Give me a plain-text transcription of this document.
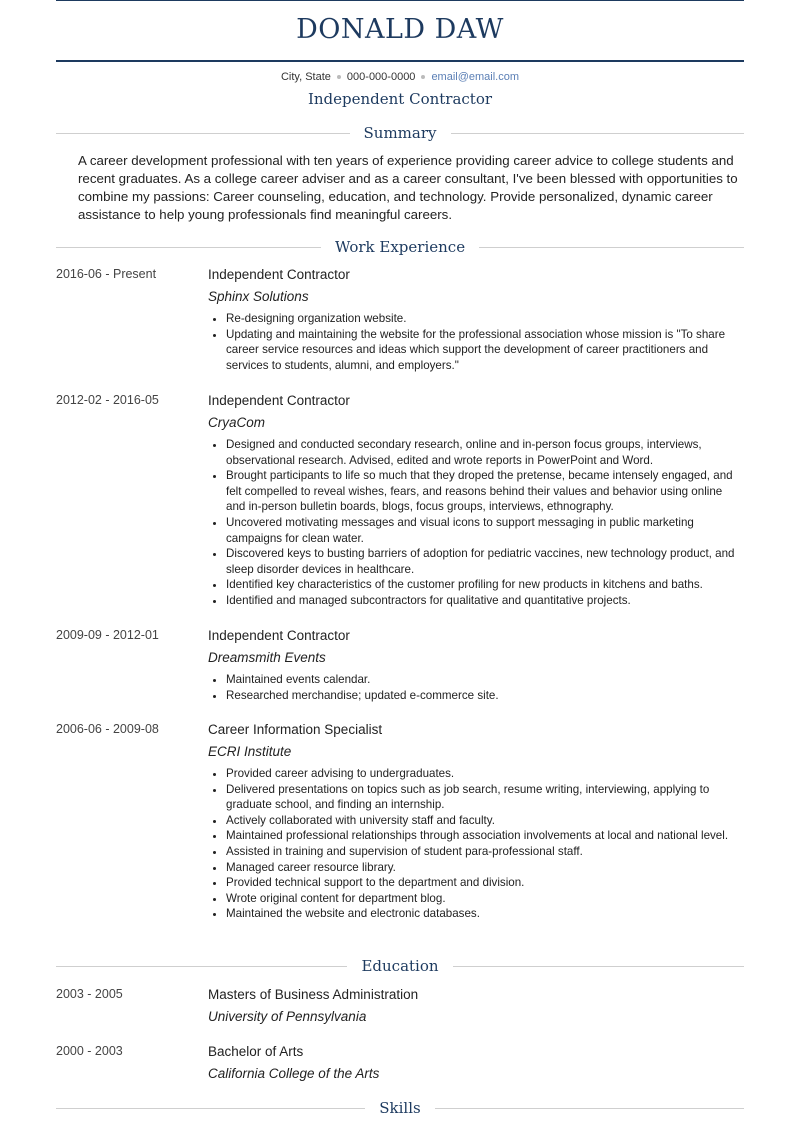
DONALD DAW
City, State 000-000-0000 email@email.com
Independent Contractor
Summary
A career development professional with ten years of experience providing career advice to college students and recent graduates. As a college career adviser and as a career consultant, I've been blessed with opportunities to combine my passions: Career counseling, education, and technology. Provide personalized, dynamic career assistance to help young professionals find meaningful careers.
Work Experience
2016-06 - Present	Independent Contractor
Sphinx Solutions
• Re-designing organization website.
• Updating and maintaining the website for the professional association whose mission is "To share career service resources and ideas which support the development of career practitioners and services to students, alumni, and employers."
2012-02 - 2016-05	Independent Contractor
CryaCom
• Designed and conducted secondary research, online and in-person focus groups, interviews, observational research. Advised, edited and wrote reports in PowerPoint and Word.
• Brought participants to life so much that they droped the pretense, became intensely engaged, and felt compelled to reveal wishes, fears, and reasons behind their values and behavior using online and in-person bulletin boards, blogs, focus groups, interviews, ethnography.
• Uncovered motivating messages and visual icons to support messaging in public marketing campaigns for clean water.
• Discovered keys to busting barriers of adoption for pediatric vaccines, new technology product, and sleep disorder devices in healthcare.
• Identified key characteristics of the customer profiling for new products in kitchens and baths.
• Identified and managed subcontractors for qualitative and quantitative projects.
2009-09 - 2012-01	Independent Contractor
Dreamsmith Events
• Maintained events calendar.
• Researched merchandise; updated e-commerce site.
2006-06 - 2009-08	Career Information Specialist
ECRI Institute
• Provided career advising to undergraduates.
• Delivered presentations on topics such as job search, resume writing, interviewing, applying to graduate school, and finding an internship.
• Actively collaborated with university staff and faculty.
• Maintained professional relationships through association involvements at local and national level.
• Assisted in training and supervision of student para-professional staff.
• Managed career resource library.
• Provided technical support to the department and division.
• Wrote original content for department blog.
• Maintained the website and electronic databases.
Education
2003 - 2005	Masters of Business Administration
University of Pennsylvania
2000 - 2003	Bachelor of Arts
California College of the Arts
Skills
